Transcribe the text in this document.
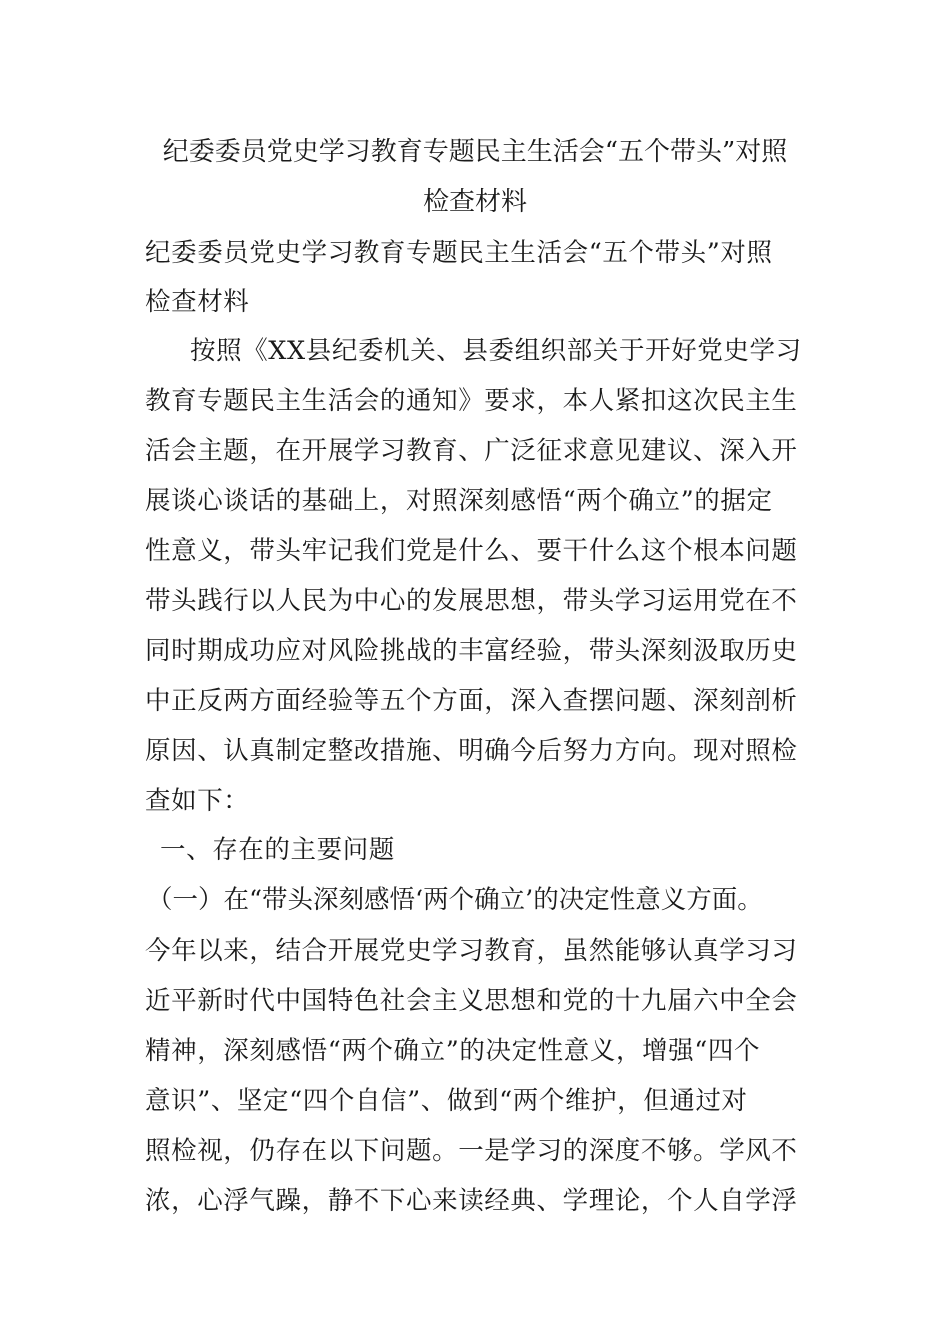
纪委委员党史学习教育专题民主生活会“五个带头”对照
检查材料
纪委委员党史学习教育专题民主生活会“五个带头”对照
检查材料
按照《XX县纪委机关、县委组织部关于开好党史学习
教育专题民主生活会的通知》要求，本人紧扣这次民主生
活会主题，在开展学习教育、广泛征求意见建议、深入开
展谈心谈话的基础上，对照深刻感悟“两个确立”的据定
性意义，带头牢记我们党是什么、要干什么这个根本问题
带头践行以人民为中心的发展思想，带头学习运用党在不
同时期成功应对风险挑战的丰富经验，带头深刻汲取历史
中正反两方面经验等五个方面，深入查摆问题、深刻剖析
原因、认真制定整改措施、明确今后努力方向。现对照检
查如下：
一、存在的主要问题
（一）在“带头深刻感悟‘两个确立’的决定性意义方面。
今年以来，结合开展党史学习教育，虽然能够认真学习习
近平新时代中国特色社会主义思想和党的十九届六中全会
精神，深刻感悟“两个确立”的决定性意义，增强“四个
意识”、坚定“四个自信”、做到“两个维护，但通过对
照检视，仍存在以下问题。一是学习的深度不够。学风不
浓，心浮气躁，静不下心来读经典、学理论，个人自学浮
